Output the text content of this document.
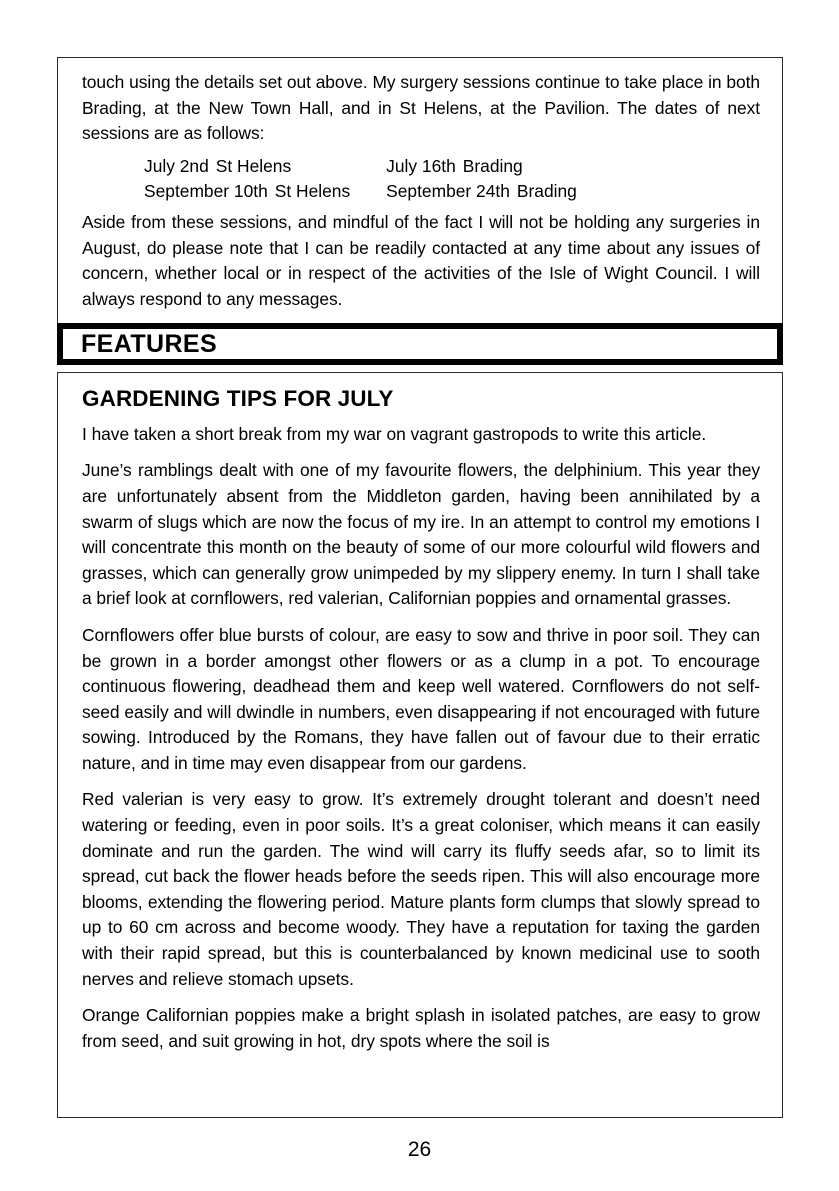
touch using the details set out above. My surgery sessions continue to take place in both Brading, at the New Town Hall, and in St Helens, at the Pavilion. The dates of next sessions are as follows:

July 2nd St Helens	July 16th Brading
September 10th St Helens	September 24th Brading

Aside from these sessions, and mindful of the fact I will not be holding any surgeries in August, do please note that I can be readily contacted at any time about any issues of concern, whether local or in respect of the activities of the Isle of Wight Council. I will always respond to any messages.

FEATURES
GARDENING TIPS FOR JULY

I have taken a short break from my war on vagrant gastropods to write this article.

June’s ramblings dealt with one of my favourite flowers, the delphinium. This year they are unfortunately absent from the Middleton garden, having been annihilated by a swarm of slugs which are now the focus of my ire. In an attempt to control my emotions I will concentrate this month on the beauty of some of our more colourful wild flowers and grasses, which can generally grow unimpeded by my slippery enemy. In turn I shall take a brief look at cornflowers, red valerian, Californian poppies and ornamental grasses.

Cornflowers offer blue bursts of colour, are easy to sow and thrive in poor soil. They can be grown in a border amongst other flowers or as a clump in a pot. To encourage continuous flowering, deadhead them and keep well watered. Cornflowers do not self-seed easily and will dwindle in numbers, even disappearing if not encouraged with future sowing. Introduced by the Romans, they have fallen out of favour due to their erratic nature, and in time may even disappear from our gardens.

Red valerian is very easy to grow. It’s extremely drought tolerant and doesn’t need watering or feeding, even in poor soils. It’s a great coloniser, which means it can easily dominate and run the garden. The wind will carry its fluffy seeds afar, so to limit its spread, cut back the flower heads before the seeds ripen. This will also encourage more blooms, extending the flowering period. Mature plants form clumps that slowly spread to up to 60 cm across and become woody. They have a reputation for taxing the garden with their rapid spread, but this is counterbalanced by known medicinal use to sooth nerves and relieve stomach upsets.

Orange Californian poppies make a bright splash in isolated patches, are easy to grow from seed, and suit growing in hot, dry spots where the soil is

26
